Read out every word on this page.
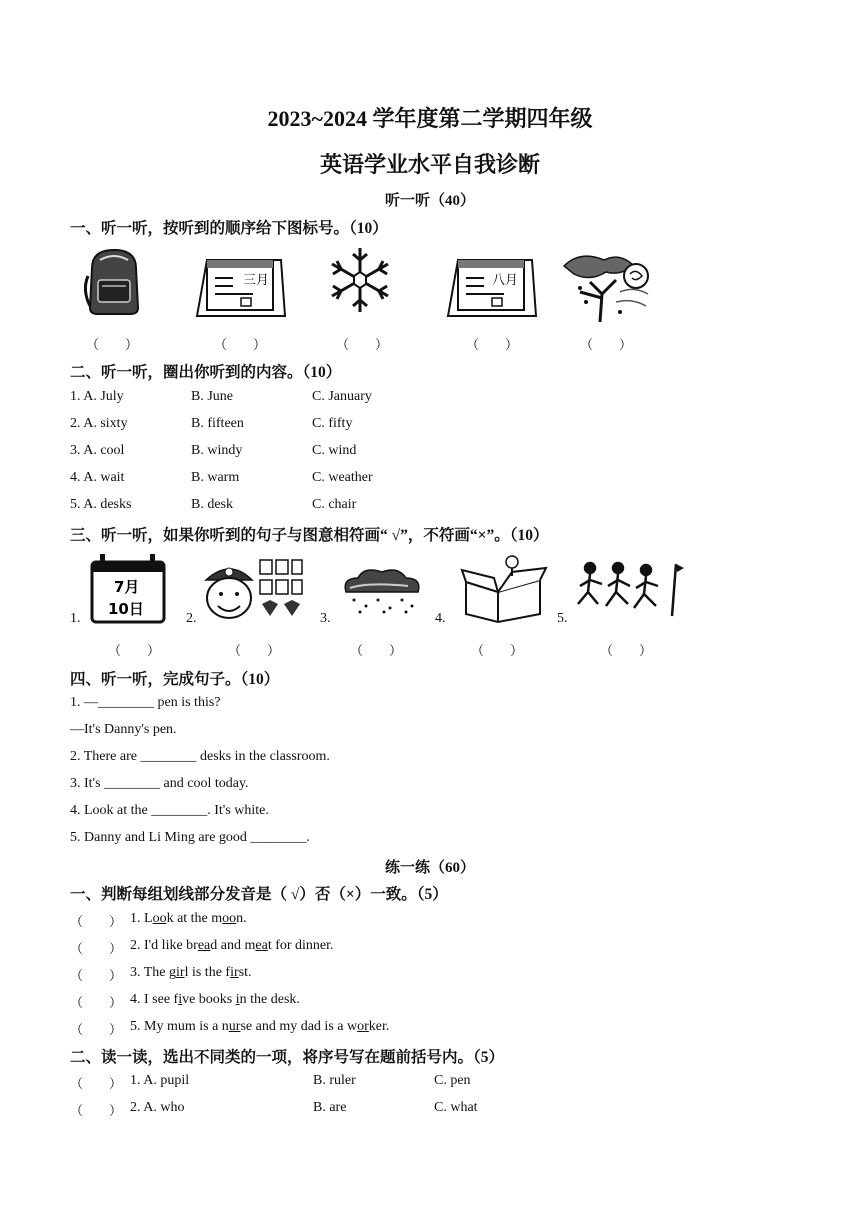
2023~2024 学年度第二学期四年级
英语学业水平自我诊断
听一听（40）
一、听一听，按听到的顺序给下图标号。（10）
三月	八月
（　　）	（　　）	（　　）	（　　）	（　　）
二、听一听，圈出你听到的内容。（10）
1. A. July	B. June	C. January
2. A. sixty	B. fifteen	C. fifty
3. A. cool	B. windy	C. wind
4. A. wait	B. warm	C. weather
5. A. desks	B. desk	C. chair
三、听一听，如果你听到的句子与图意相符画“ √”，不符画“×”。（10）
1.
7月
10日
2.	3.	4.	5.
（　　）	（　　）	（　　）	（　　）	（　　）
四、听一听，完成句子。（10）
1. —________ pen is this?
—It's Danny's pen.
2. There are ________ desks in the classroom.
3. It's ________ and cool today.
4. Look at the ________. It's white.
5. Danny and Li Ming are good ________.
练一练（60）
一、判断每组划线部分发音是（ √）否（×）一致。（5）
（　　） 1. Look at the moon.
（　　） 2. I'd like bread and meat for dinner.
（　　） 3. The girl is the first.
（　　） 4. I see five books in the desk.
（　　） 5. My mum is a nurse and my dad is a worker.
二、读一读，选出不同类的一项，将序号写在题前括号内。（5）
（　　） 1. A. pupil	B. ruler	C. pen
（　　） 2. A. who	B. are	C. what
